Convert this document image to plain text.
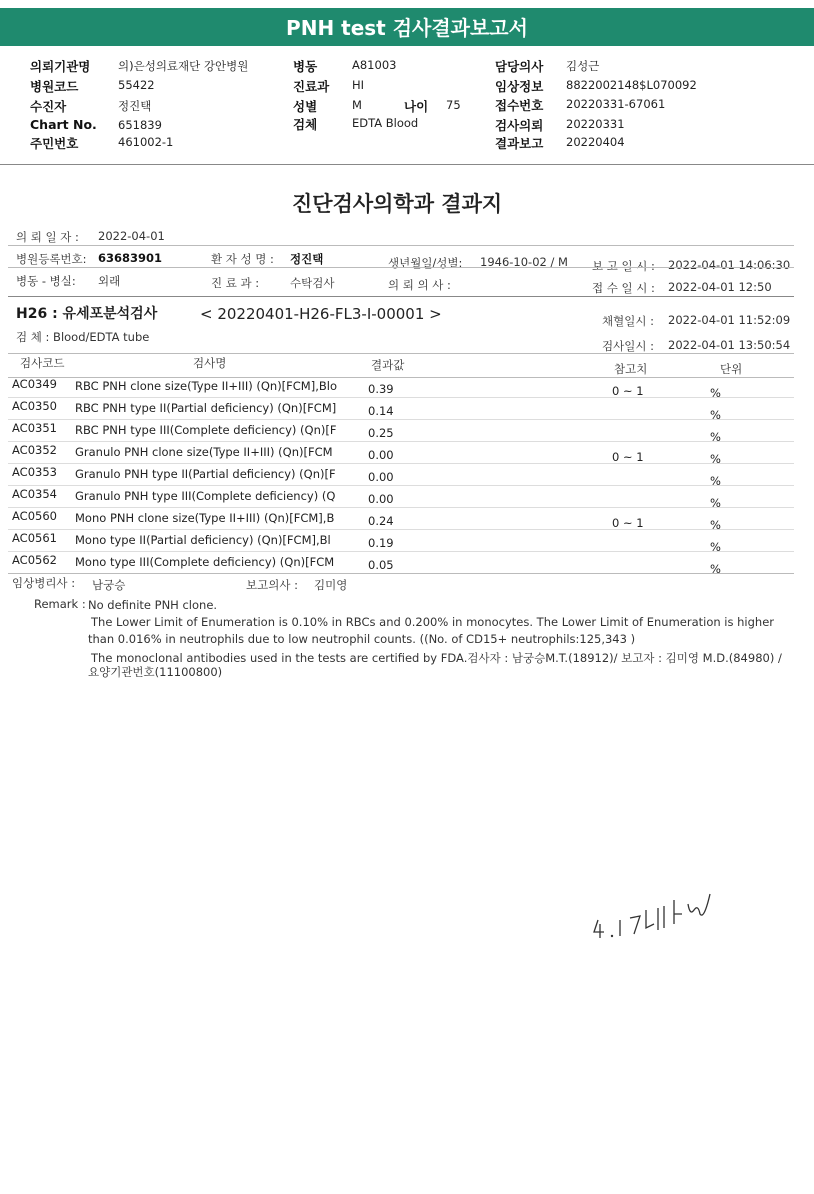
PNH test 검사결과보고서
의뢰기관명 의)은성의료재단 강안병원
병원코드	55422
수진자	정진택
Chart No. 651839
주민번호	461002-1
병동	A81003
진료과 HI
성별	M	나이 75
검체	EDTA Blood
담당의사 김성근
임상정보 8822002148$L070092
접수번호 20220331-67061
검사의뢰 20220331
결과보고 20220404
진단검사의학과 결과지
의 뢰 일 자 : 2022-04-01
병원등록번호: 63683901	환 자 성 명 : 정진택	생년월일/성별: 1946-10-02 / M 보 고 일 시 : 2022-04-01 14:06:30
병동 - 병실: 외래	진 료 과 :	수탁검사	의 뢰 의 사 :	접 수 일 시 : 2022-04-01 12:50
H26 : 유세포분석검사	< 20220401-H26-FL3-I-00001 >	채혈일시 : 2022-04-01 11:52:09
검 체 : Blood/EDTA tube
검사일시 : 2022-04-01 13:50:54
검사코드	검사명	결과값	참고치	단위
AC0349 RBC PNH clone size(Type II+III) (Qn)[FCM],Blo	0.39	0 ~ 1	%
AC0350 RBC PNH type II(Partial deficiency) (Qn)[FCM]	0.14	%
AC0351 RBC PNH type III(Complete deficiency) (Qn)[F	0.25	%
AC0352 Granulo PNH clone size(Type II+III) (Qn)[FCM	0.00	0 ~ 1	%
AC0353 Granulo PNH type II(Partial deficiency) (Qn)[F	0.00	%
AC0354 Granulo PNH type III(Complete deficiency) (Q	0.00	%
AC0560 Mono PNH clone size(Type II+III) (Qn)[FCM],B	0.24	0 ~ 1	%
AC0561 Mono type II(Partial deficiency) (Qn)[FCM],Bl	0.19	%
AC0562 Mono type III(Complete deficiency) (Qn)[FCM	0.05	%
임상병리사 : 남궁승	보고의사 : 김미영
Remark : No definite PNH clone.
The Lower Limit of Enumeration is 0.10% in RBCs and 0.200% in monocytes. The Lower Limit of Enumeration is higher
than 0.016% in neutrophils due to low neutrophil counts. ((No. of CD15+ neutrophils:125,343 )
The monoclonal antibodies used in the tests are certified by FDA.검사자 : 남궁승M.T.(18912)/ 보고자 : 김미영 M.D.(84980) /
요양기관번호(11100800)
